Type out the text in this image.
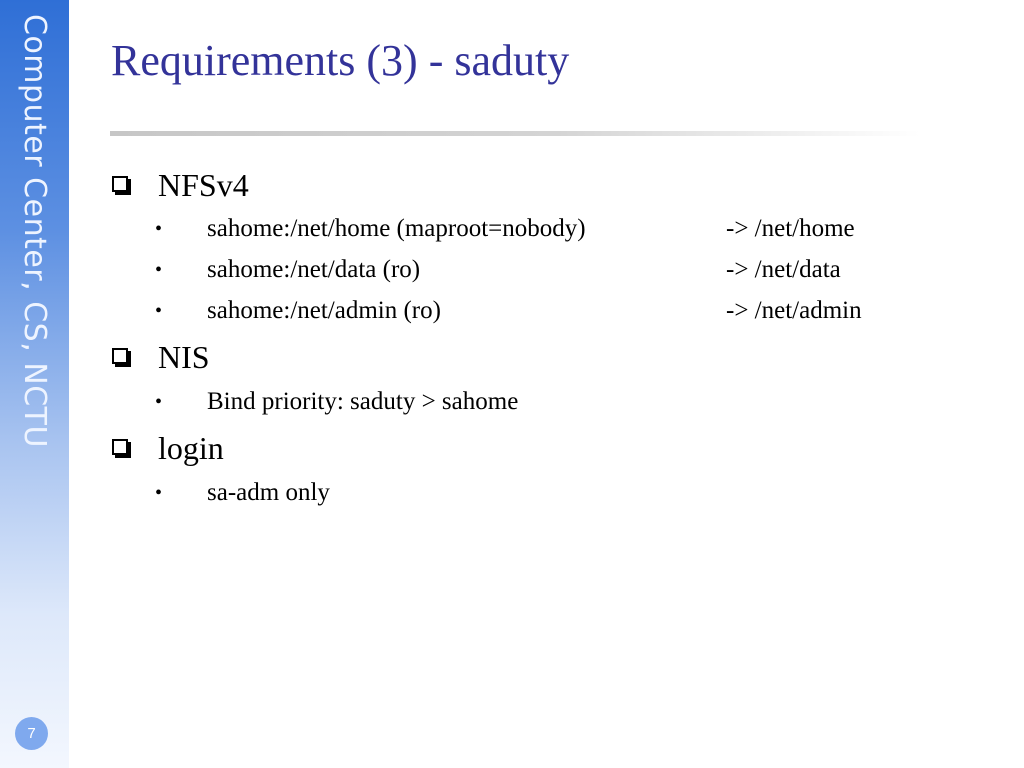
Computer Center, CS, NCTU
7
Requirements (3) - saduty
NFSv4
• sahome:/net/home (maproot=nobody)	-> /net/home
• sahome:/net/data (ro)	-> /net/data
• sahome:/net/admin (ro)	-> /net/admin
NIS
• Bind priority: saduty > sahome
login
• sa-adm only
